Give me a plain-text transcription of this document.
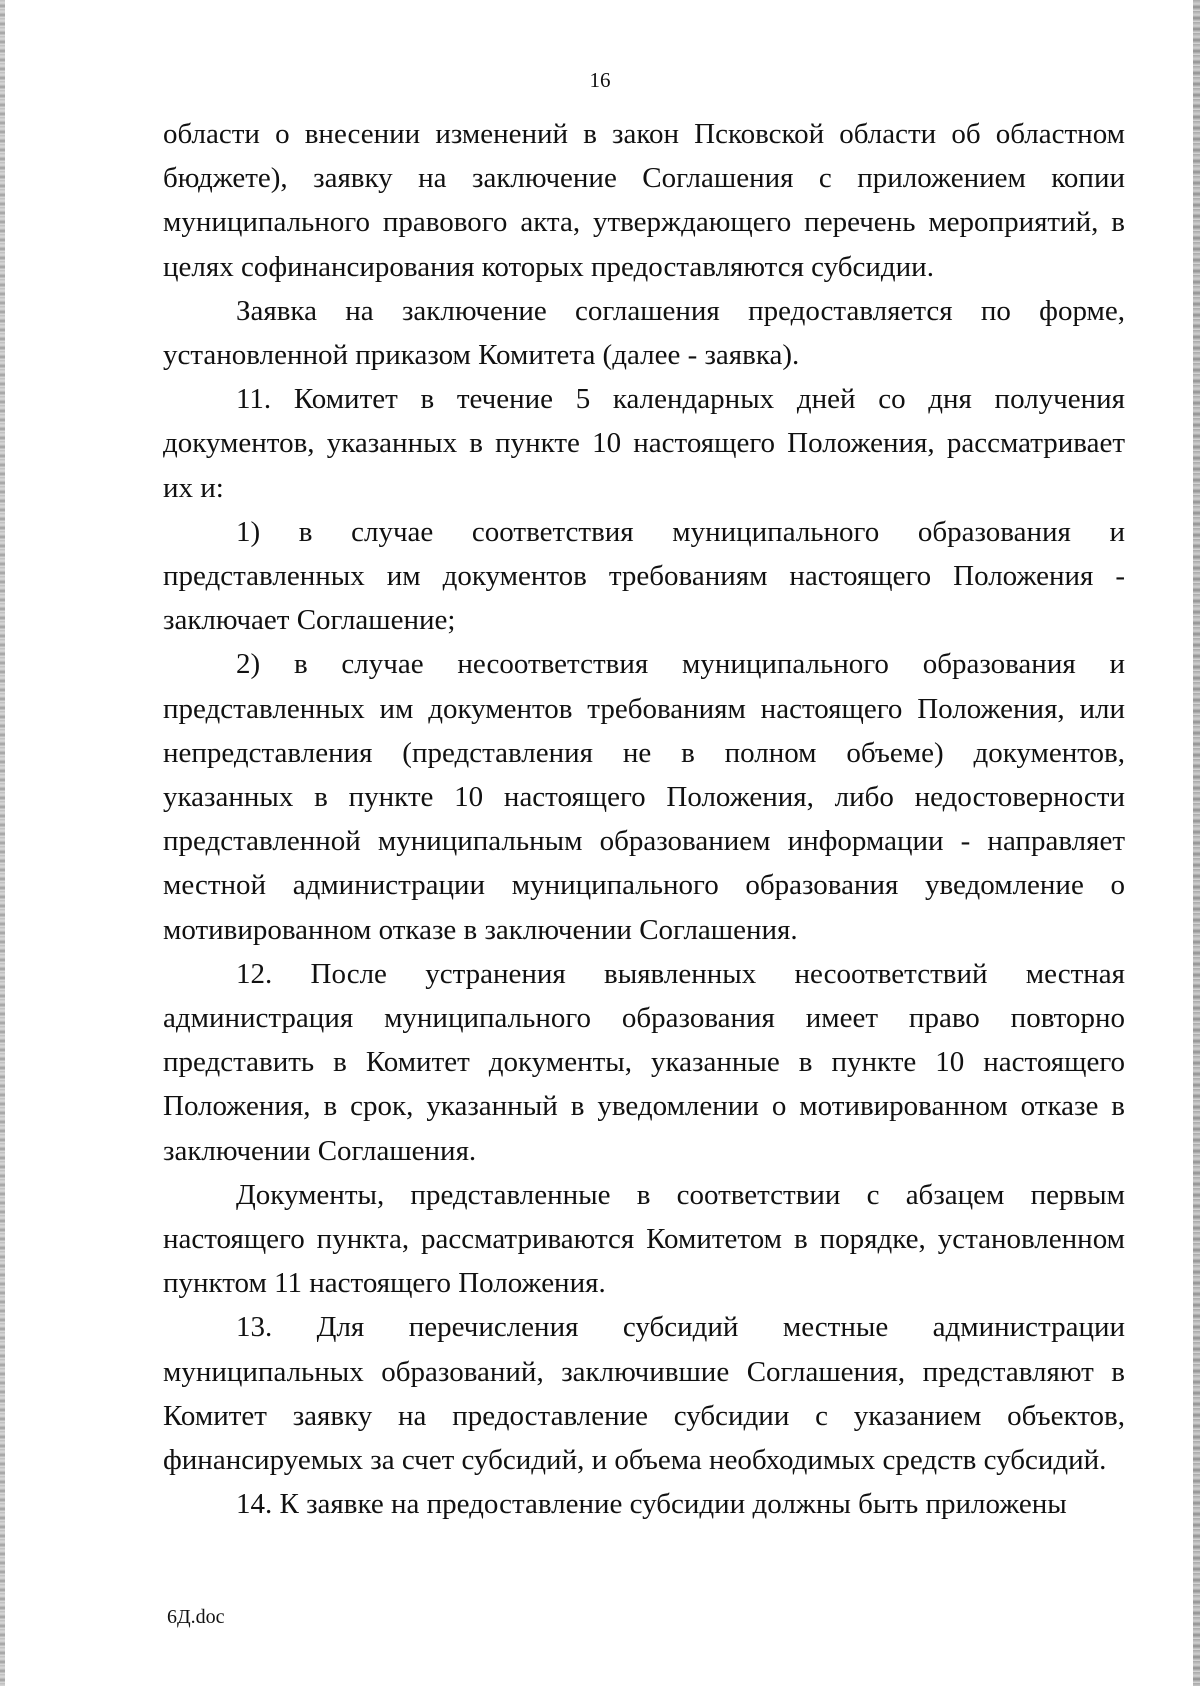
16

области о внесении изменений в закон Псковской области об областном бюджете), заявку на заключение Соглашения с приложением копии муниципального правового акта, утверждающего перечень мероприятий, в целях софинансирования которых предоставляются субсидии.

Заявка на заключение соглашения предоставляется по форме, установленной приказом Комитета (далее - заявка).

11. Комитет в течение 5 календарных дней со дня получения документов, указанных в пункте 10 настоящего Положения, рассматривает их и:

1) в случае соответствия муниципального образования и представленных им документов требованиям настоящего Положения - заключает Соглашение;

2) в случае несоответствия муниципального образования и представленных им документов требованиям настоящего Положения, или непредставления (представления не в полном объеме) документов, указанных в пункте 10 настоящего Положения, либо недостоверности представленной муниципальным образованием информации - направляет местной администрации муниципального образования уведомление о мотивированном отказе в заключении Соглашения.

12. После устранения выявленных несоответствий местная администрация муниципального образования имеет право повторно представить в Комитет документы, указанные в пункте 10 настоящего Положения, в срок, указанный в уведомлении о мотивированном отказе в заключении Соглашения.

Документы, представленные в соответствии с абзацем первым настоящего пункта, рассматриваются Комитетом в порядке, установленном пунктом 11 настоящего Положения.

13. Для перечисления субсидий местные администрации муниципальных образований, заключившие Соглашения, представляют в Комитет заявку на предоставление субсидии с указанием объектов, финансируемых за счет субсидий, и объема необходимых средств субсидий.

14. К заявке на предоставление субсидии должны быть приложены

6Д.doc
